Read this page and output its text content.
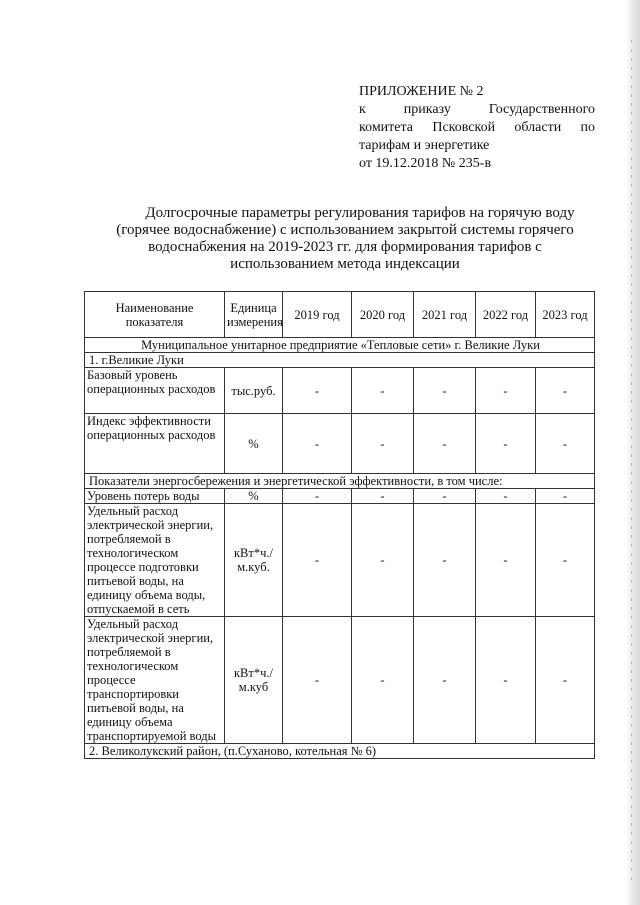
ПРИЛОЖЕНИЕ № 2
к приказу Государственного
комитета Псковской области по
тарифам и энергетике
от 19.12.2018 № 235-в
Долгосрочные параметры регулирования тарифов на горячую воду
(горячее водоснабжение) с использованием закрытой системы горячего
водоснабжения на 2019-2023 гг. для формирования тарифов с
использованием метода индексации
Наименование показателя	Единица измерения	2019 год	2020 год	2021 год	2022 год	2023 год
Муниципальное унитарное предприятие «Тепловые сети» г. Великие Луки						
1. г.Великие Луки						
Базовый уровень операционных расходов	тыс.руб.	-	-	-	-	-
Индекс эффективности операционных расходов	%	-	-	-	-	-
Показатели энергосбережения и энергетической эффективности, в том числе:						
Уровень потерь воды	%	-	-	-	-	-
Удельный расход электрической энергии, потребляемой в технологическом процессе подготовки питьевой воды, на единицу объема воды, отпускаемой в сеть	кВт*ч./м.куб.	-	-	-	-	-
Удельный расход электрической энергии, потребляемой в технологическом процессе транспортировки питьевой воды, на единицу объема транспортируемой воды	кВт*ч./м.куб	-	-	-	-	-
2. Великолукский район, (п.Суханово, котельная № 6)						
